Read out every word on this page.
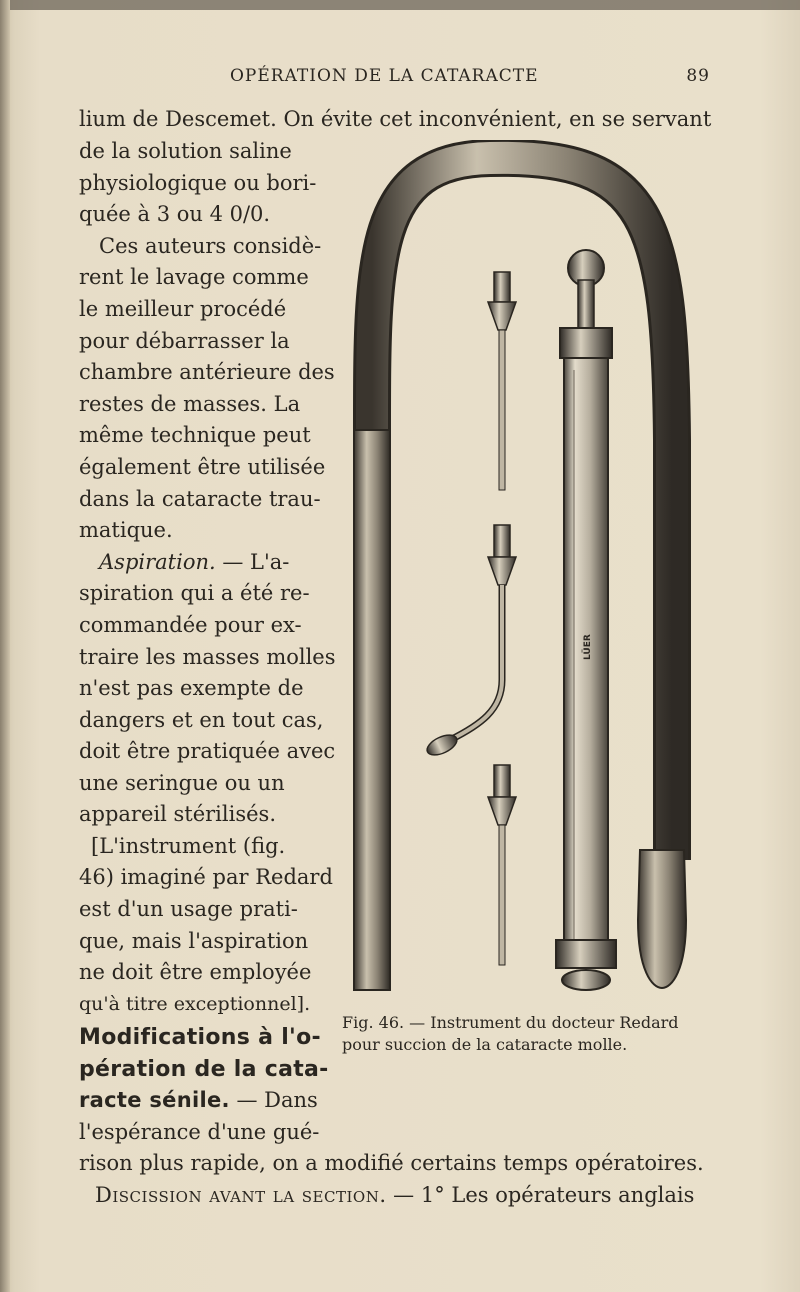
OPÉRATION DE LA CATARACTE	89
lium de Descemet. On évite cet inconvénient, en se servant
de la solution saline
physiologique ou bori-
quée à 3 ou 4 0/0.
Ces auteurs considè-
rent le lavage comme
le meilleur procédé
pour débarrasser la
chambre antérieure des
restes de masses. La
même technique peut
également être utilisée
dans la cataracte trau-
matique.
Aspiration. — L'a-
spiration qui a été re-
commandée pour ex-
traire les masses molles
n'est pas exempte de
dangers et en tout cas,
doit être pratiquée avec
une seringue ou un
appareil stérilisés.
[L'instrument (fig.
46) imaginé par Redard
est d'un usage prati-
que, mais l'aspiration
ne doit être employée
qu'à titre exceptionnel].
Modifications à l'o-
pération de la cata-
racte sénile. — Dans
l'espérance d'une gué-
rison plus rapide, on a modifié certains temps opératoires.
Discission avant la section. — 1° Les opérateurs anglais
LÜER
Fig. 46. — Instrument du docteur Redard pour succion de la cataracte molle.
